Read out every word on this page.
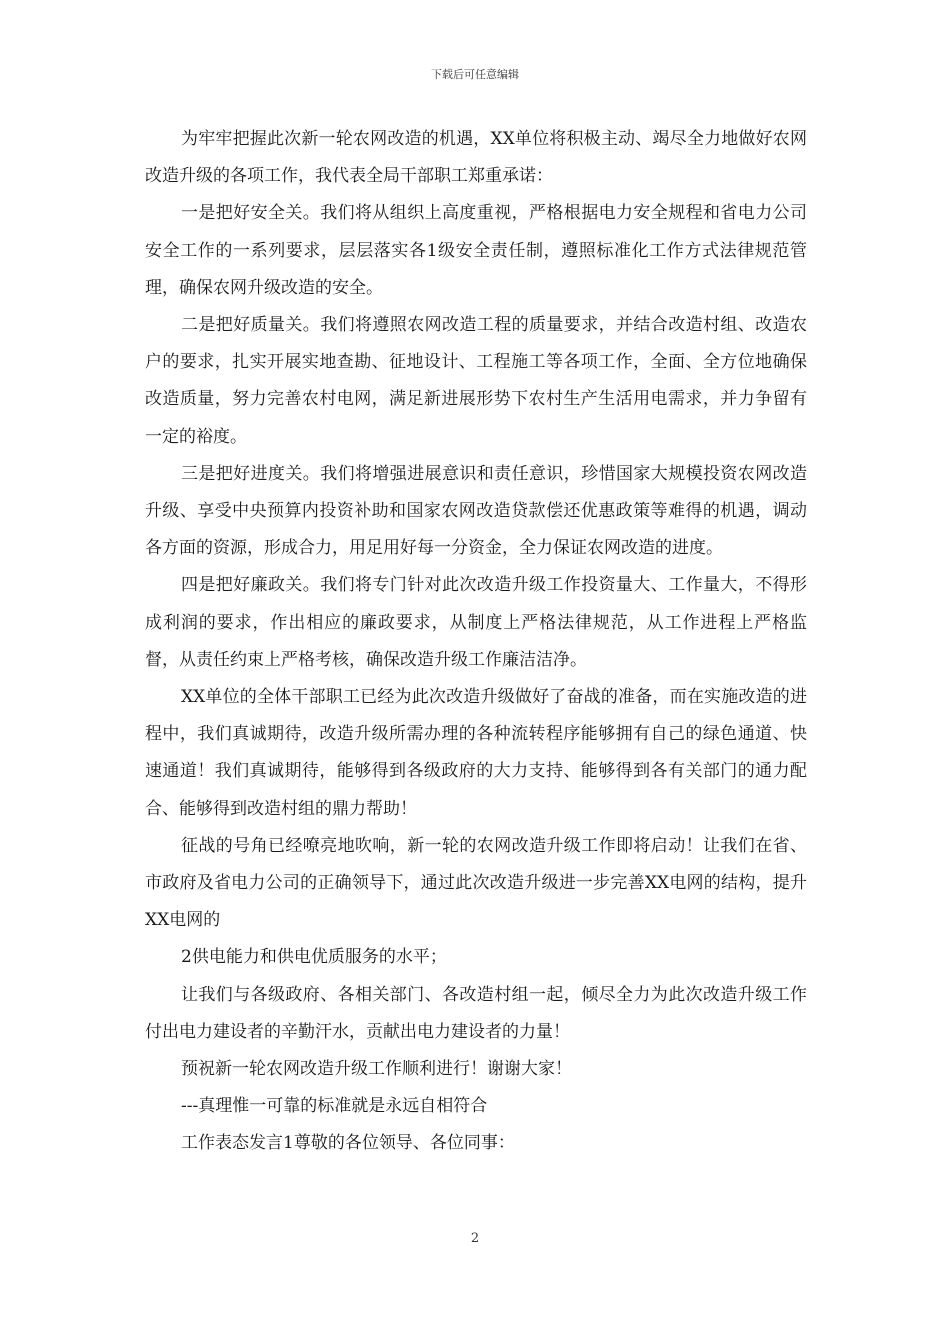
下载后可任意编辑

为牢牢把握此次新一轮农网改造的机遇，XX单位将积极主动、竭尽全力地做好农网改造升级的各项工作，我代表全局干部职工郑重承诺：

一是把好安全关。我们将从组织上高度重视，严格根据电力安全规程和省电力公司安全工作的一系列要求，层层落实各1级安全责任制，遵照标准化工作方式法律规范管理，确保农网升级改造的安全。

二是把好质量关。我们将遵照农网改造工程的质量要求，并结合改造村组、改造农户的要求，扎实开展实地查勘、征地设计、工程施工等各项工作，全面、全方位地确保改造质量，努力完善农村电网，满足新进展形势下农村生产生活用电需求，并力争留有一定的裕度。

三是把好进度关。我们将增强进展意识和责任意识，珍惜国家大规模投资农网改造升级、享受中央预算内投资补助和国家农网改造贷款偿还优惠政策等难得的机遇，调动各方面的资源，形成合力，用足用好每一分资金，全力保证农网改造的进度。

四是把好廉政关。我们将专门针对此次改造升级工作投资量大、工作量大，不得形成利润的要求，作出相应的廉政要求，从制度上严格法律规范，从工作进程上严格监督，从责任约束上严格考核，确保改造升级工作廉洁洁净。

XX单位的全体干部职工已经为此次改造升级做好了奋战的准备，而在实施改造的进程中，我们真诚期待，改造升级所需办理的各种流转程序能够拥有自己的绿色通道、快速通道！我们真诚期待，能够得到各级政府的大力支持、能够得到各有关部门的通力配合、能够得到改造村组的鼎力帮助！

征战的号角已经嘹亮地吹响，新一轮的农网改造升级工作即将启动！让我们在省、市政府及省电力公司的正确领导下，通过此次改造升级进一步完善XX电网的结构，提升XX电网的

2供电能力和供电优质服务的水平；

让我们与各级政府、各相关部门、各改造村组一起，倾尽全力为此次改造升级工作付出电力建设者的辛勤汗水，贡献出电力建设者的力量！

预祝新一轮农网改造升级工作顺利进行！谢谢大家！

---真理惟一可靠的标准就是永远自相符合

工作表态发言1尊敬的各位领导、各位同事：

2
